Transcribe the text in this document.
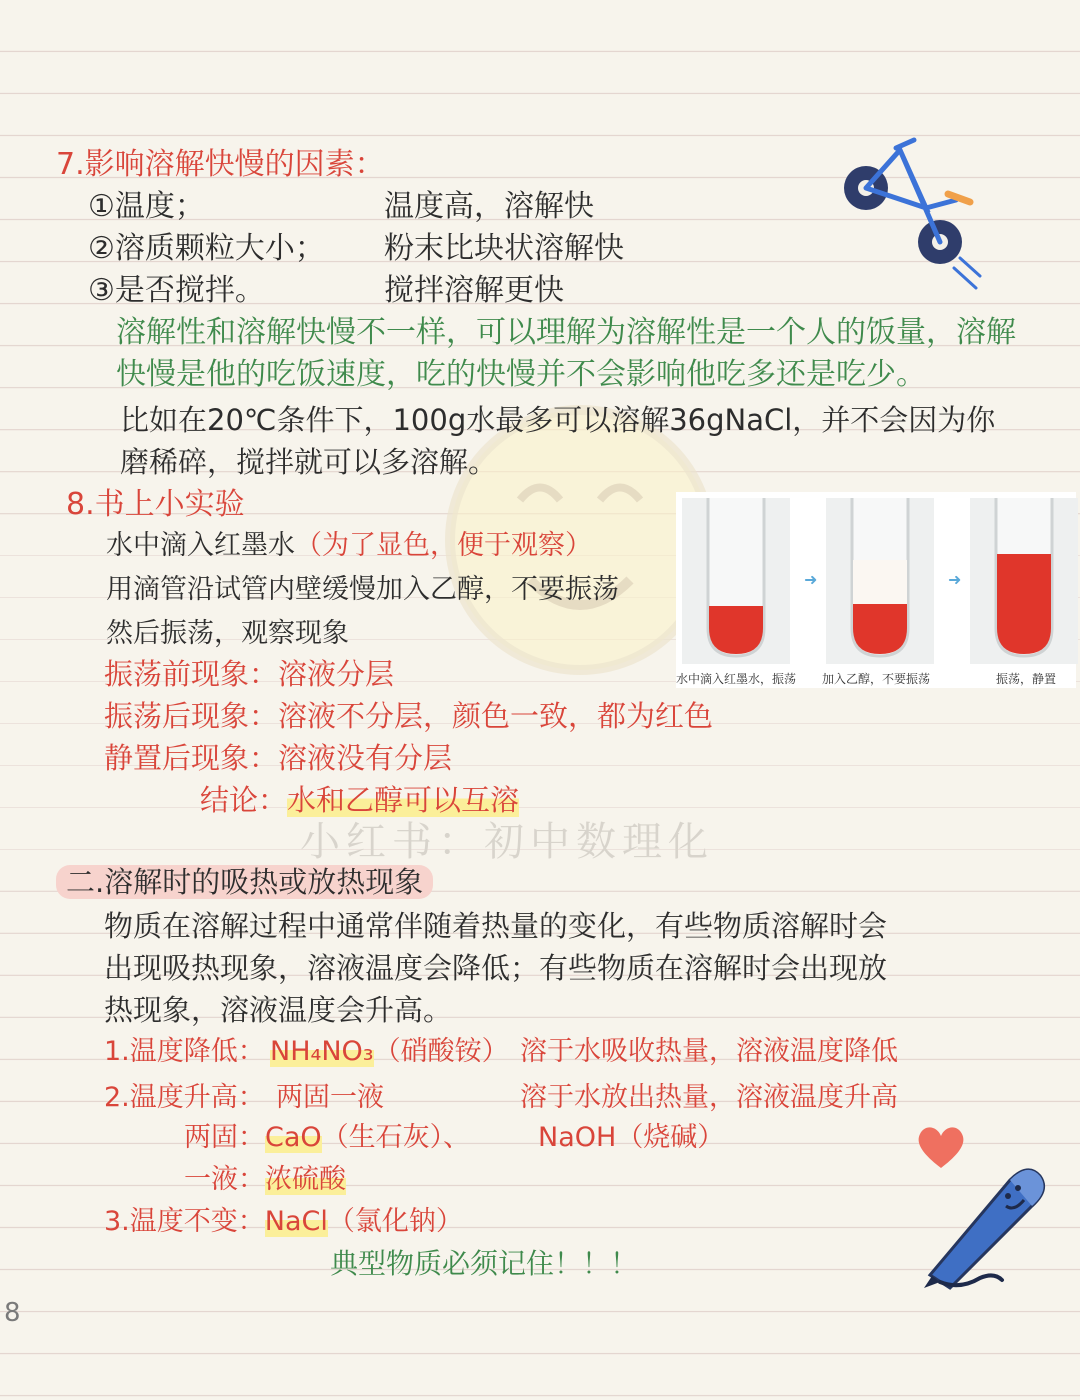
小红书：初中数理化
7.影响溶解快慢的因素：
①温度；	温度高，溶解快
②溶质颗粒大小； 粉末比块状溶解快
③是否搅拌。	搅拌溶解更快
溶解性和溶解快慢不一样，可以理解为溶解性是一个人的饭量，溶解
快慢是他的吃饭速度，吃的快慢并不会影响他吃多还是吃少。
比如在20℃条件下，100g水最多可以溶解36gNaCl，并不会因为你
磨稀碎，搅拌就可以多溶解。
8.书上小实验
水中滴入红墨水（为了显色，便于观察）
用滴管沿试管内壁缓慢加入乙醇，不要振荡
然后振荡，观察现象
振荡前现象：溶液分层
振荡后现象：溶液不分层，颜色一致，都为红色
静置后现象：溶液没有分层
结论：水和乙醇可以互溶
➜	➜
水中滴入红墨水，振荡 加入乙醇，不要振荡	振荡，静置
二.溶解时的吸热或放热现象
物质在溶解过程中通常伴随着热量的变化，有些物质溶解时会
出现吸热现象，溶液温度会降低；有些物质在溶解时会出现放
热现象，溶液温度会升高。
1.温度降低： NH₄NO₃（硝酸铵） 溶于水吸收热量，溶液温度降低
2.温度升高： 两固一液	溶于水放出热量，溶液温度升高
两固：CaO（生石灰）、	NaOH（烧碱）
一液：浓硫酸
3.温度不变：NaCl（氯化钠）
典型物质必须记住！！！
8
